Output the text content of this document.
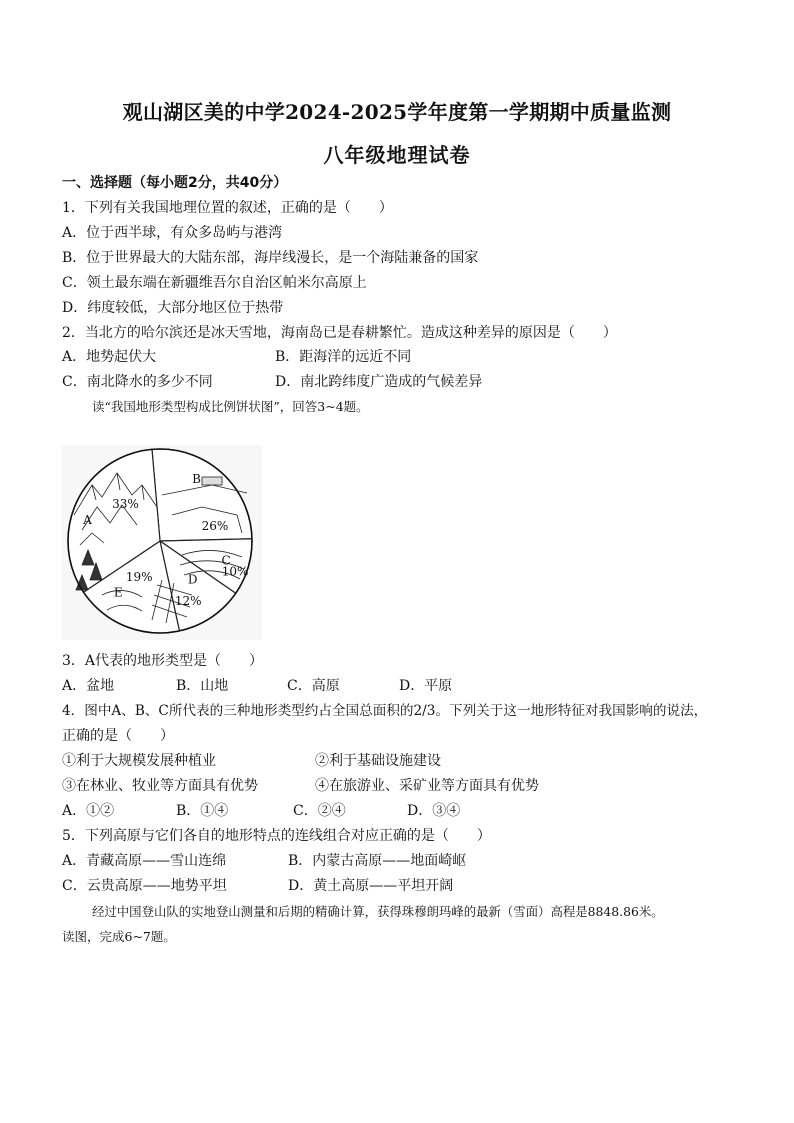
观山湖区美的中学2024-2025学年度第一学期期中质量监测
八年级地理试卷
一、选择题（每小题2分，共40分）
1．下列有关我国地理位置的叙述，正确的是（　　）
A．位于西半球，有众多岛屿与港湾
B．位于世界最大的大陆东部，海岸线漫长，是一个海陆兼备的国家
C．领土最东端在新疆维吾尔自治区帕米尔高原上
D．纬度较低，大部分地区位于热带
2．当北方的哈尔滨还是冰天雪地，海南岛已是春耕繁忙。造成这种差异的原因是（　　）
A．地势起伏大	B．距海洋的远近不同
C．南北降水的多少不同	D．南北跨纬度广造成的气候差异
读“我国地形类型构成比例饼状图”，回答3~4题。
B
26%
C
10%
D
12%
E
19%
A
33%
3．A代表的地形类型是（　　）
A．盆地	B．山地	C．高原	D．平原
4．图中A、B、C所代表的三种地形类型约占全国总面积的2/3。下列关于这一地形特征对我国影响的说法，
正确的是（　　）
①利于大规模发展种植业	②利于基础设施建设
③在林业、牧业等方面具有优势	④在旅游业、采矿业等方面具有优势
A．①②	B．①④	C．②④	D．③④
5．下列高原与它们各自的地形特点的连线组合对应正确的是（　　）
A．青藏高原——雪山连绵	B．内蒙古高原——地面崎岖
C．云贵高原——地势平坦	D．黄土高原——平坦开阔
经过中国登山队的实地登山测量和后期的精确计算，获得珠穆朗玛峰的最新（雪面）高程是8848.86米。
读图，完成6~7题。
